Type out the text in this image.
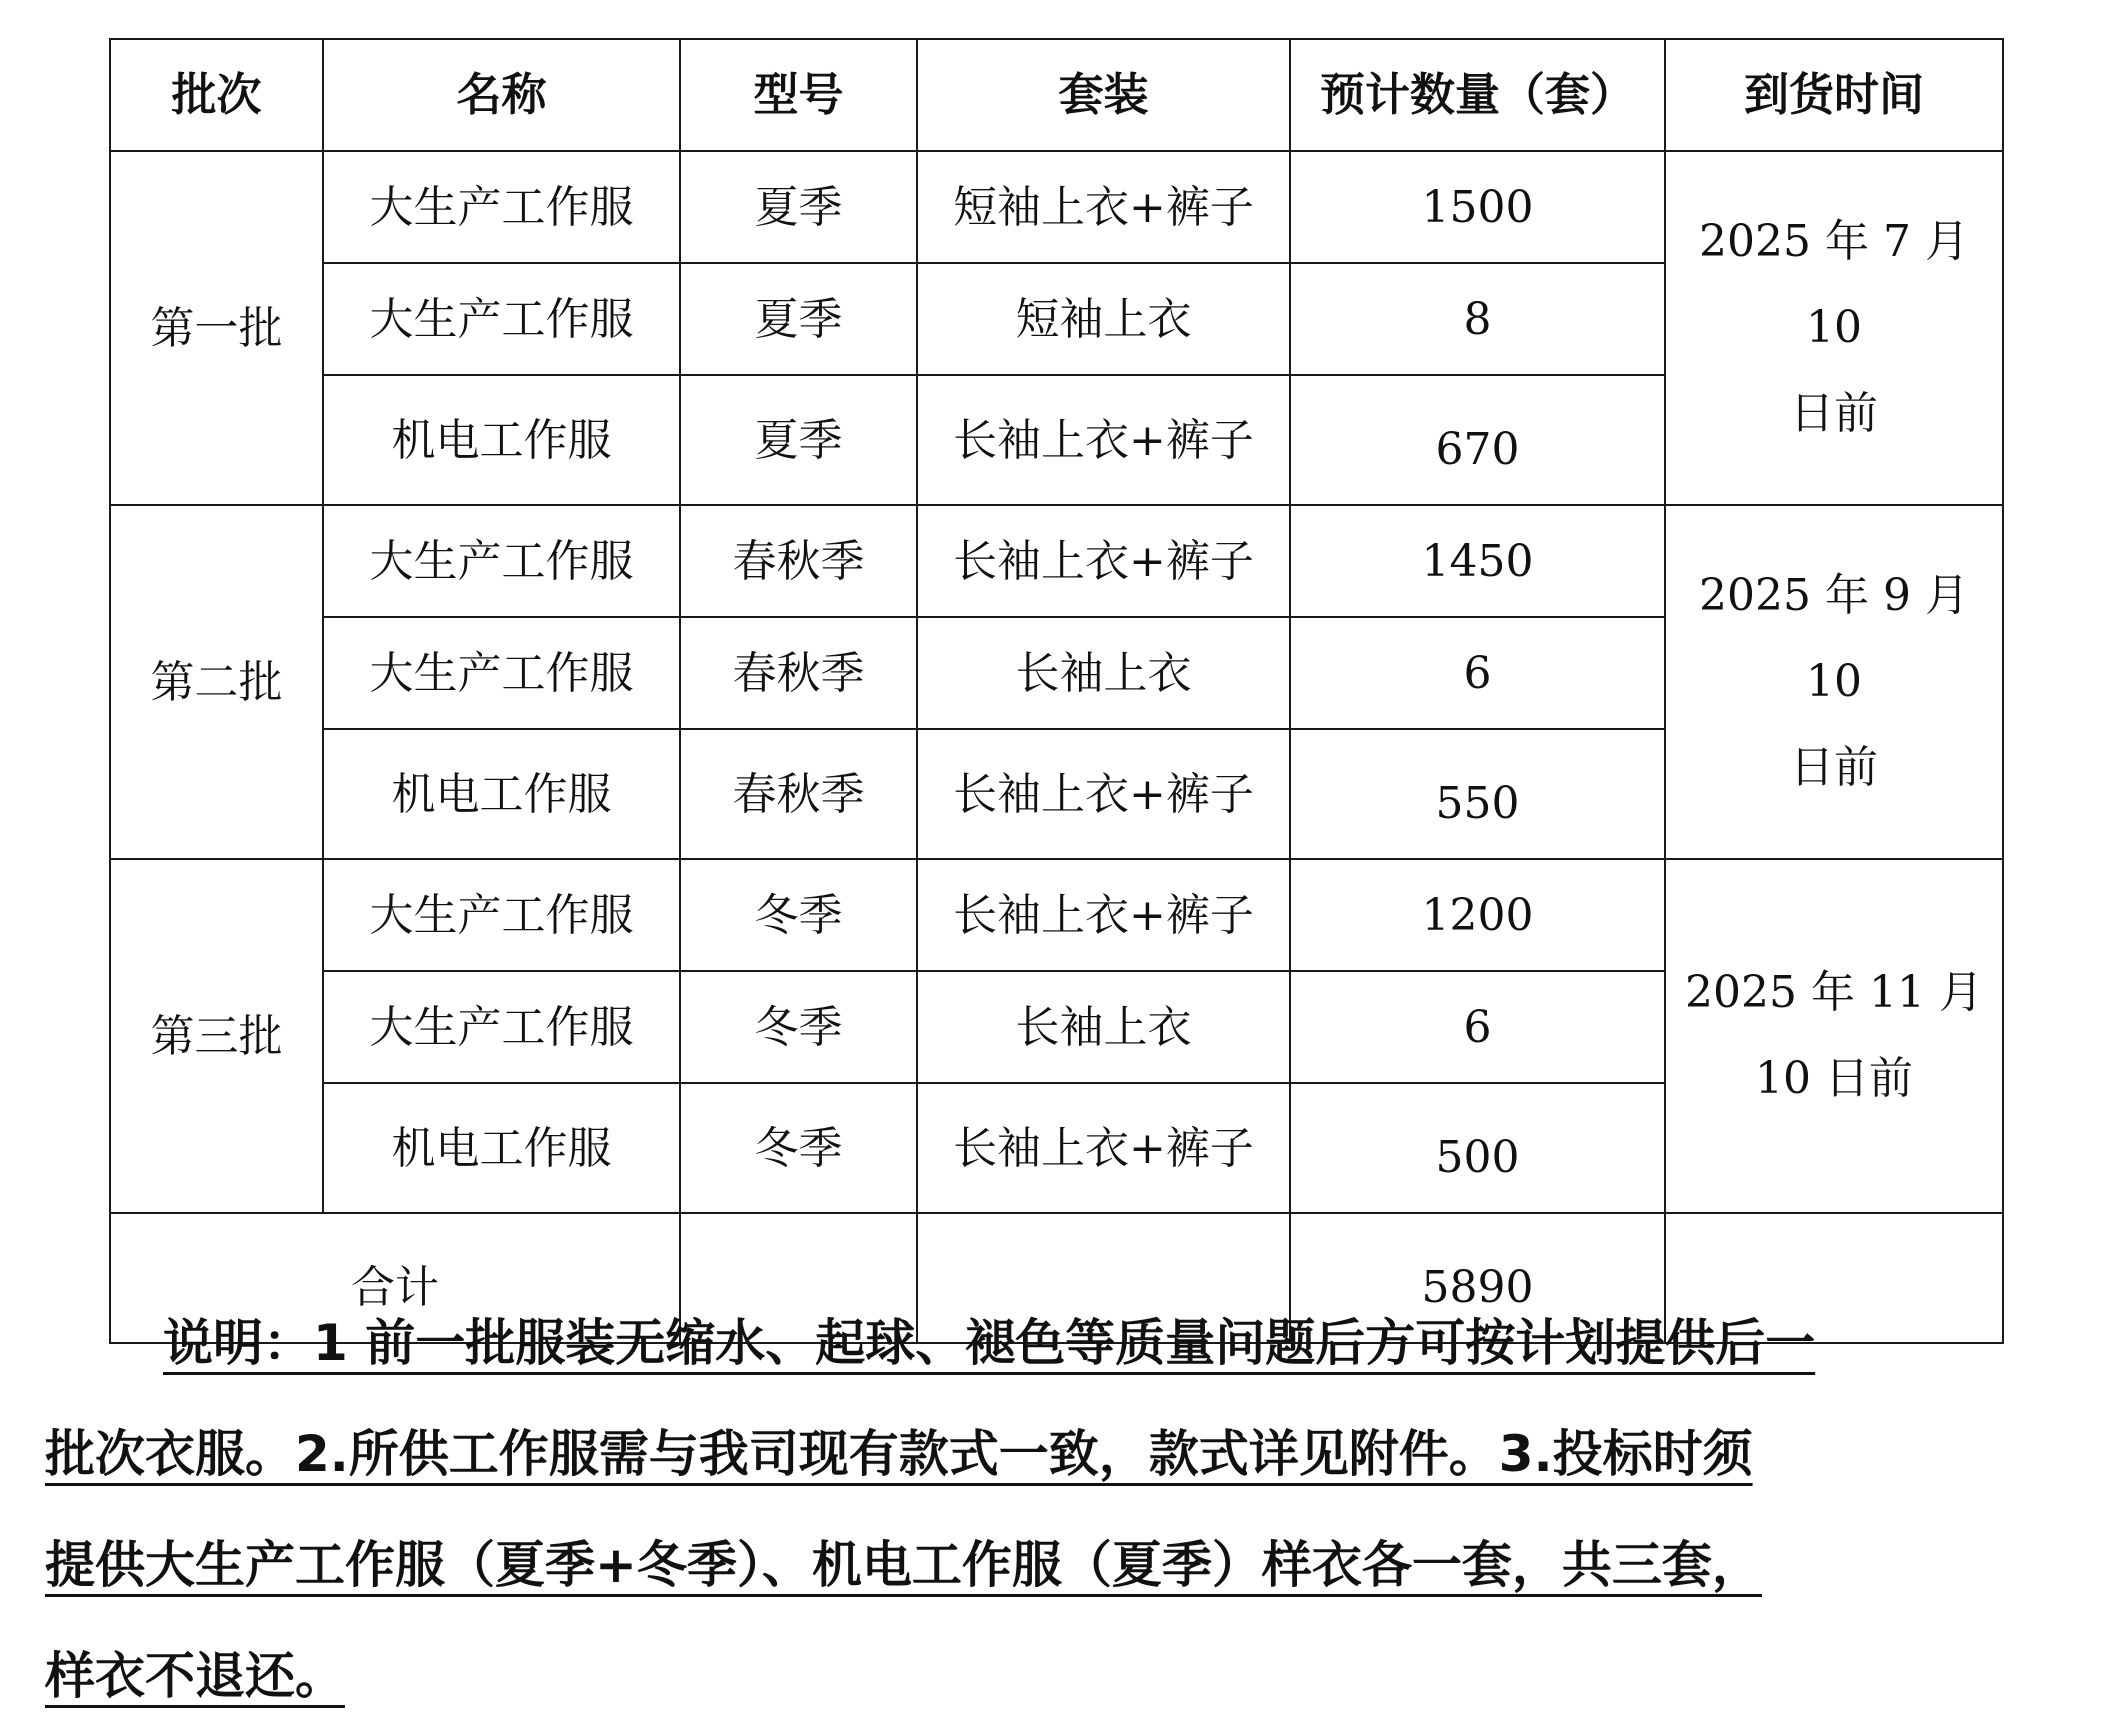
批次	名称	型号	套装	预计数量（套）	到货时间
第一批	大生产工作服	夏季	短袖上衣+裤子	1500	2025 年 7 月 10
日前
	大生产工作服	夏季	短袖上衣	8	
	机电工作服	夏季	长袖上衣+裤子	670	
第二批	大生产工作服	春秋季	长袖上衣+裤子	1450	2025 年 9 月 10
日前
	大生产工作服	春秋季	长袖上衣	6	
	机电工作服	春秋季	长袖上衣+裤子	550	
第三批	大生产工作服	冬季	长袖上衣+裤子	1200	2025 年 11 月
10 日前
	大生产工作服	冬季	长袖上衣	6	
	机电工作服	冬季	长袖上衣+裤子	500	
合计				5890	
说明：1 前一批服装无缩水、起球、褪色等质量问题后方可按计划提供后一
批次衣服。2.所供工作服需与我司现有款式一致，款式详见附件。3.投标时须
提供大生产工作服（夏季+冬季）、机电工作服（夏季）样衣各一套，共三套，
样衣不退还。
